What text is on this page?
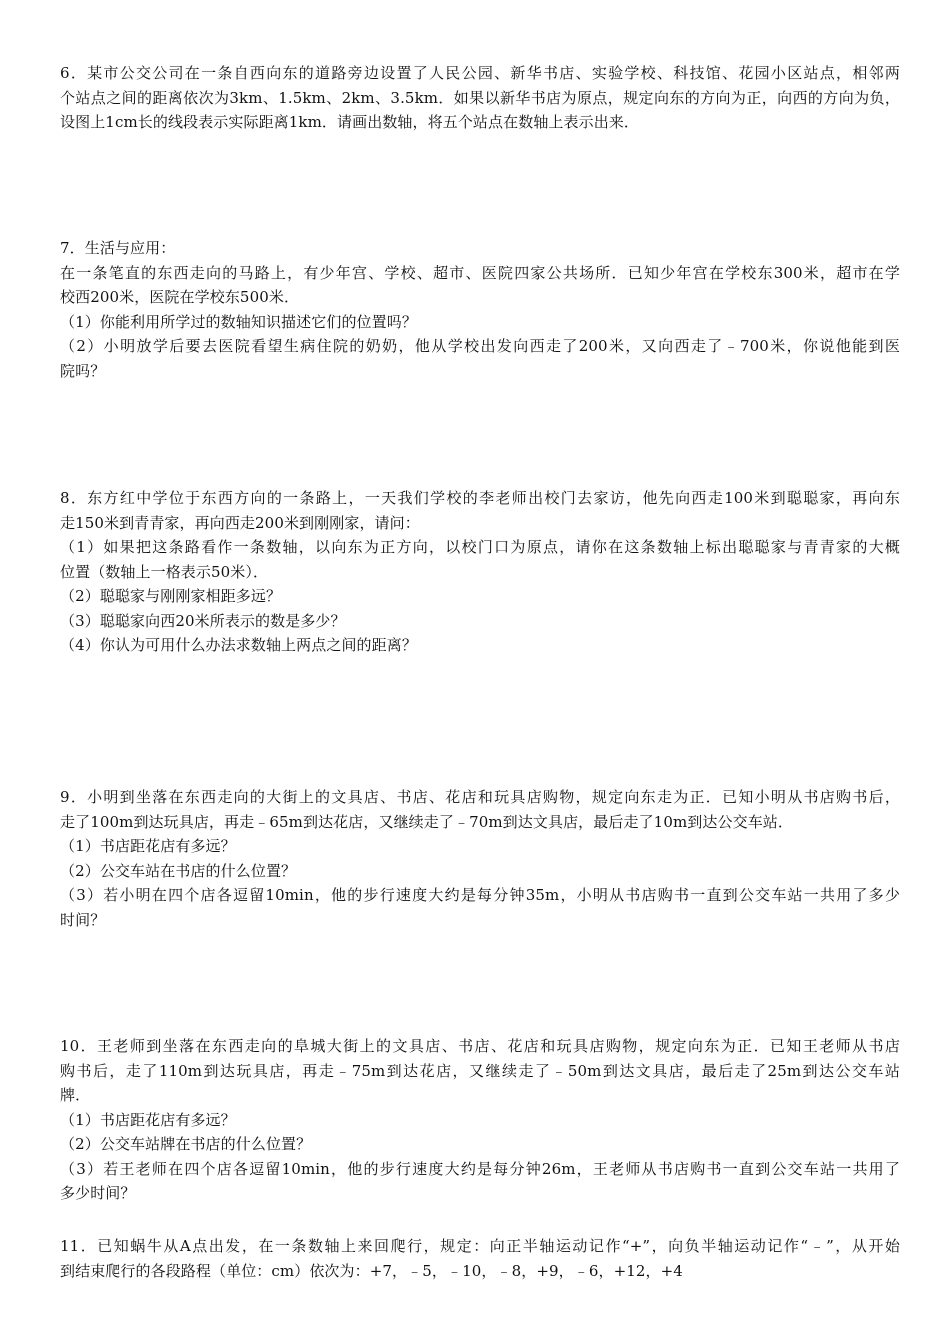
6．某市公交公司在一条自西向东的道路旁边设置了人民公园、新华书店、实验学校、科技馆、花园小区站点，相邻两
个站点之间的距离依次为3km、1.5km、2km、3.5km．如果以新华书店为原点，规定向东的方向为正，向西的方向为负，
设图上1cm长的线段表示实际距离1km．请画出数轴，将五个站点在数轴上表示出来．
7．生活与应用：
在一条笔直的东西走向的马路上，有少年宫、学校、超市、医院四家公共场所．已知少年宫在学校东300米，超市在学
校西200米，医院在学校东500米．
（1）你能利用所学过的数轴知识描述它们的位置吗？
（2）小明放学后要去医院看望生病住院的奶奶，他从学校出发向西走了200米，又向西走了﹣700米，你说他能到医
院吗？
8．东方红中学位于东西方向的一条路上，一天我们学校的李老师出校门去家访，他先向西走100米到聪聪家，再向东
走150米到青青家，再向西走200米到刚刚家，请问：
（1）如果把这条路看作一条数轴，以向东为正方向，以校门口为原点，请你在这条数轴上标出聪聪家与青青家的大概
位置（数轴上一格表示50米）．
（2）聪聪家与刚刚家相距多远？
（3）聪聪家向西20米所表示的数是多少？
（4）你认为可用什么办法求数轴上两点之间的距离？
9．小明到坐落在东西走向的大街上的文具店、书店、花店和玩具店购物，规定向东走为正．已知小明从书店购书后，
走了100m到达玩具店，再走﹣65m到达花店，又继续走了﹣70m到达文具店，最后走了10m到达公交车站．
（1）书店距花店有多远？
（2）公交车站在书店的什么位置？
（3）若小明在四个店各逗留10min，他的步行速度大约是每分钟35m，小明从书店购书一直到公交车站一共用了多少
时间？
10．王老师到坐落在东西走向的阜城大街上的文具店、书店、花店和玩具店购物，规定向东为正．已知王老师从书店
购书后，走了110m到达玩具店，再走﹣75m到达花店，又继续走了﹣50m到达文具店，最后走了25m到达公交车站
牌．
（1）书店距花店有多远？
（2）公交车站牌在书店的什么位置？
（3）若王老师在四个店各逗留10min，他的步行速度大约是每分钟26m，王老师从书店购书一直到公交车站一共用了
多少时间？
11．已知蜗牛从A点出发，在一条数轴上来回爬行，规定：向正半轴运动记作“+”，向负半轴运动记作“﹣”，从开始
到结束爬行的各段路程（单位：cm）依次为：+7，﹣5，﹣10，﹣8，+9，﹣6，+12，+4
